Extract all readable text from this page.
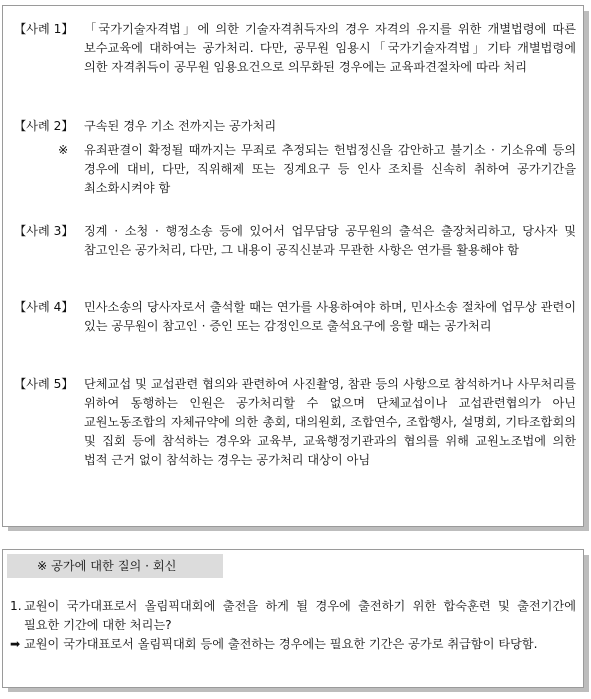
【사례 1】 「국가기술자격법」에 의한 기술자격취득자의 경우 자격의 유지를 위한 개별법령에 따른 보수교육에 대하여는 공가처리. 다만, 공무원 임용시「국가기술자격법」기타 개별법령에 의한 자격취득이 공무원 임용요건으로 의무화된 경우에는 교육파견절차에 따라 처리
【사례 2】 구속된 경우 기소 전까지는 공가처리
※ 유죄판결이 확정될 때까지는 무죄로 추정되는 헌법정신을 감안하고 불기소 · 기소유예 등의 경우에 대비, 다만, 직위해제 또는 징계요구 등 인사 조치를 신속히 취하여 공가기간을 최소화시켜야 함
【사례 3】 징계 · 소청 · 행정소송 등에 있어서 업무담당 공무원의 출석은 출장처리하고, 당사자 및 참고인은 공가처리, 다만, 그 내용이 공직신분과 무관한 사항은 연가를 활용해야 함
【사례 4】 민사소송의 당사자로서 출석할 때는 연가를 사용하여야 하며, 민사소송 절차에 업무상 관련이 있는 공무원이 참고인 · 증인 또는 감정인으로 출석요구에 응할 때는 공가처리
【사례 5】 단체교섭 및 교섭관련 협의와 관련하여 사진촬영, 참관 등의 사항으로 참석하거나 사무처리를 위하여 동행하는 인원은 공가처리할 수 없으며 단체교섭이나 교섭관련협의가 아닌 교원노동조합의 자체규약에 의한 총회, 대의원회, 조합연수, 조합행사, 설명회, 기타조합회의 및 집회 등에 참석하는 경우와 교육부, 교육행정기관과의 협의를 위해 교원노조법에 의한 법적 근거 없이 참석하는 경우는 공가처리 대상이 아님
※ 공가에 대한 질의 · 회신
1. 교원이 국가대표로서 올림픽대회에 출전을 하게 될 경우에 출전하기 위한 합숙훈련 및 출전기간에 필요한 기간에 대한 처리는?
➡ 교원이 국가대표로서 올림픽대회 등에 출전하는 경우에는 필요한 기간은 공가로 취급함이 타당함.
